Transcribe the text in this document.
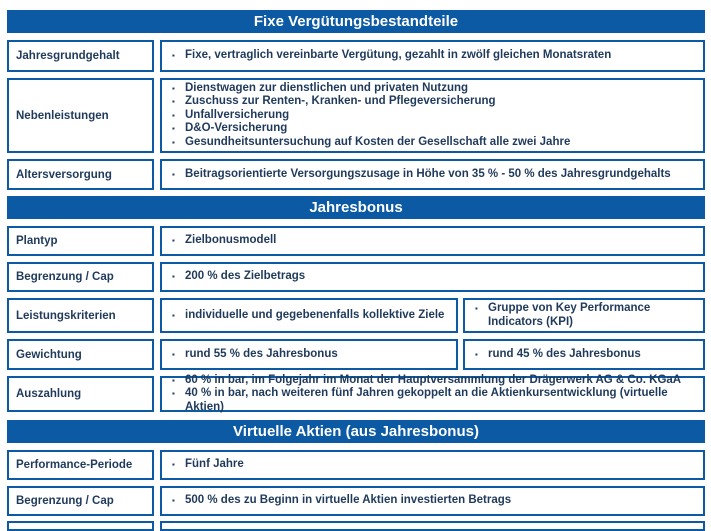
Fixe Vergütungsbestandteile
Jahresgrundgehalt	▪ Fixe, vertraglich vereinbarte Vergütung, gezahlt in zwölf gleichen Monatsraten
Nebenleistungen
▪ Dienstwagen zur dienstlichen und privaten Nutzung
▪ Zuschuss zur Renten-, Kranken- und Pflegeversicherung
▪ Unfallversicherung
▪ D&O-Versicherung
▪ Gesundheitsuntersuchung auf Kosten der Gesellschaft alle zwei Jahre
Altersversorgung	▪ Beitragsorientierte Versorgungszusage in Höhe von 35 % - 50 % des Jahresgrundgehalts
Jahresbonus
Plantyp	▪ Zielbonusmodell
Begrenzung / Cap	▪ 200 % des Zielbetrags
Leistungskriterien	▪ individuelle und gegebenenfalls kollektive Ziele
▪ Gruppe von Key Performance Indicators (KPI)
Gewichtung	▪ rund 55 % des Jahresbonus	▪ rund 45 % des Jahresbonus
Auszahlung
▪ 60 % in bar, im Folgejahr im Monat der Hauptversammlung der Drägerwerk AG & Co. KGaA
▪ 40 % in bar, nach weiteren fünf Jahren gekoppelt an die Aktienkursentwicklung (virtuelle Aktien)
Virtuelle Aktien (aus Jahresbonus)
Performance-Periode	▪ Fünf Jahre
Begrenzung / Cap	▪ 500 % des zu Beginn in virtuelle Aktien investierten Betrags
